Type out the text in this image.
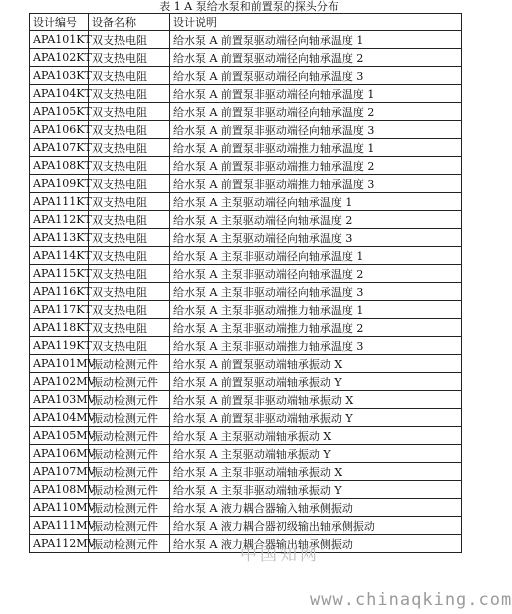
表 1 A 泵给水泵和前置泵的探头分布
设计编号	设备名称	设计说明
APA101KT	双支热电阻	给水泵 A 前置泵驱动端径向轴承温度 1
APA102KT	双支热电阻	给水泵 A 前置泵驱动端径向轴承温度 2
APA103KT	双支热电阻	给水泵 A 前置泵驱动端径向轴承温度 3
APA104KT	双支热电阻	给水泵 A 前置泵非驱动端径向轴承温度 1
APA105KT	双支热电阻	给水泵 A 前置泵非驱动端径向轴承温度 2
APA106KT	双支热电阻	给水泵 A 前置泵非驱动端径向轴承温度 3
APA107KT	双支热电阻	给水泵 A 前置泵非驱动端推力轴承温度 1
APA108KT	双支热电阻	给水泵 A 前置泵非驱动端推力轴承温度 2
APA109KT	双支热电阻	给水泵 A 前置泵非驱动端推力轴承温度 3
APA111KT	双支热电阻	给水泵 A 主泵驱动端径向轴承温度 1
APA112KT	双支热电阻	给水泵 A 主泵驱动端径向轴承温度 2
APA113KT	双支热电阻	给水泵 A 主泵驱动端径向轴承温度 3
APA114KT	双支热电阻	给水泵 A 主泵非驱动端径向轴承温度 1
APA115KT	双支热电阻	给水泵 A 主泵非驱动端径向轴承温度 2
APA116KT	双支热电阻	给水泵 A 主泵非驱动端径向轴承温度 3
APA117KT	双支热电阻	给水泵 A 主泵非驱动端推力轴承温度 1
APA118KT	双支热电阻	给水泵 A 主泵非驱动端推力轴承温度 2
APA119KT	双支热电阻	给水泵 A 主泵非驱动端推力轴承温度 3
APA101MV	振动检测元件	给水泵 A 前置泵驱动端轴承振动 X
APA102MV	振动检测元件	给水泵 A 前置泵驱动端轴承振动 Y
APA103MV	振动检测元件	给水泵 A 前置泵非驱动端轴承振动 X
APA104MV	振动检测元件	给水泵 A 前置泵非驱动端轴承振动 Y
APA105MV	振动检测元件	给水泵 A 主泵驱动端轴承振动 X
APA106MV	振动检测元件	给水泵 A 主泵驱动端轴承振动 Y
APA107MV	振动检测元件	给水泵 A 主泵非驱动端轴承振动 X
APA108MV	振动检测元件	给水泵 A 主泵非驱动端轴承振动 Y
APA110MV	振动检测元件	给水泵 A 液力耦合器输入轴承侧振动
APA111MV	振动检测元件	给水泵 A 液力耦合器初级输出轴承侧振动
APA112MV	振动检测元件	给水泵 A 液力耦合器输出轴承侧振动
中国知网
www.chinaqking.com
